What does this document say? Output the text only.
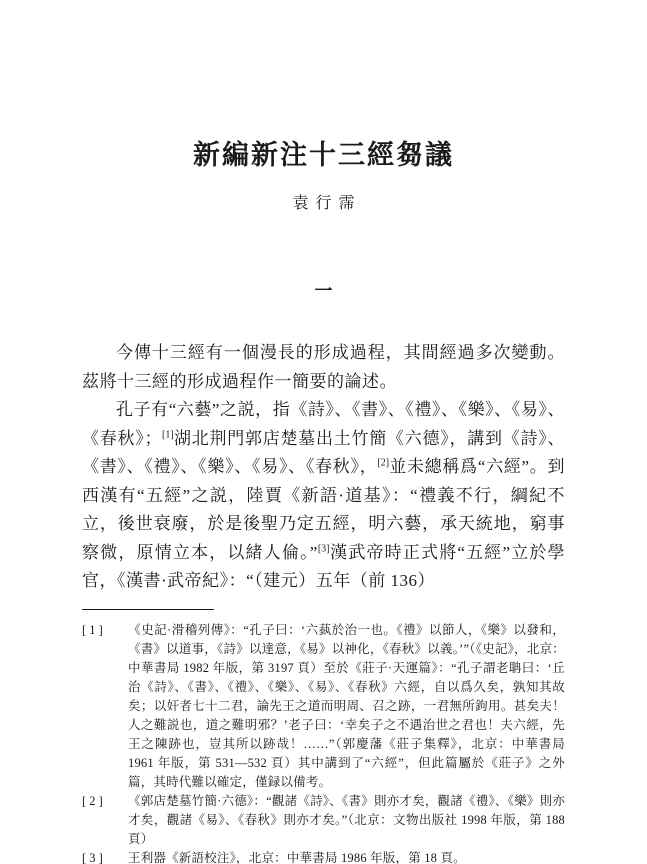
新編新注十三經芻議
袁行霈
一

今傳十三經有一個漫長的形成過程，其間經過多次變動。茲將十三經的形成過程作一簡要的論述。

孔子有“六藝”之説，指《詩》、《書》、《禮》、《樂》、《易》、《春秋》；[1]湖北荆門郭店楚墓出土竹簡《六德》，講到《詩》、《書》、《禮》、《樂》、《易》、《春秋》，[2]並未總稱爲“六經”。到西漢有“五經”之説，陸賈《新語·道基》：“禮義不行，綱紀不立，後世衰廢，於是後聖乃定五經，明六藝，承天統地，窮事察微，原情立本，以緒人倫。”[3]漢武帝時正式將“五經”立於學官，《漢書·武帝紀》：“（建元）五年（前 136）

[ 1 ] 《史記·滑稽列傳》：“孔子曰：‘六蓺於治一也。《禮》以節人，《樂》以發和，《書》以道事，《詩》以達意，《易》以神化，《春秋》以義。’”（《史記》，北京：中華書局 1982 年版，第 3197 頁）至於《莊子·天運篇》：“孔子謂老聃曰：‘丘治《詩》、《書》、《禮》、《樂》、《易》、《春秋》六經，自以爲久矣，孰知其故矣；以奸者七十二君，論先王之道而明周、召之跡，一君無所鉤用。甚矣夫！人之難説也，道之難明邪？’老子曰：‘幸矣子之不遇治世之君也！夫六經，先王之陳跡也，豈其所以跡哉！……”（郭慶藩《莊子集釋》，北京：中華書局 1961 年版，第 531—532 頁）其中講到了“六經”，但此篇屬於《莊子》之外篇，其時代難以確定，僅録以備考。
[ 2 ] 《郭店楚墓竹簡·六德》：“觀諸《詩》、《書》則亦才矣，觀諸《禮》、《樂》則亦才矣，觀諸《易》、《春秋》則亦才矣。”（北京：文物出版社 1998 年版，第 188 頁）
[ 3 ] 王利器《新語校注》，北京：中華書局 1986 年版，第 18 頁。
